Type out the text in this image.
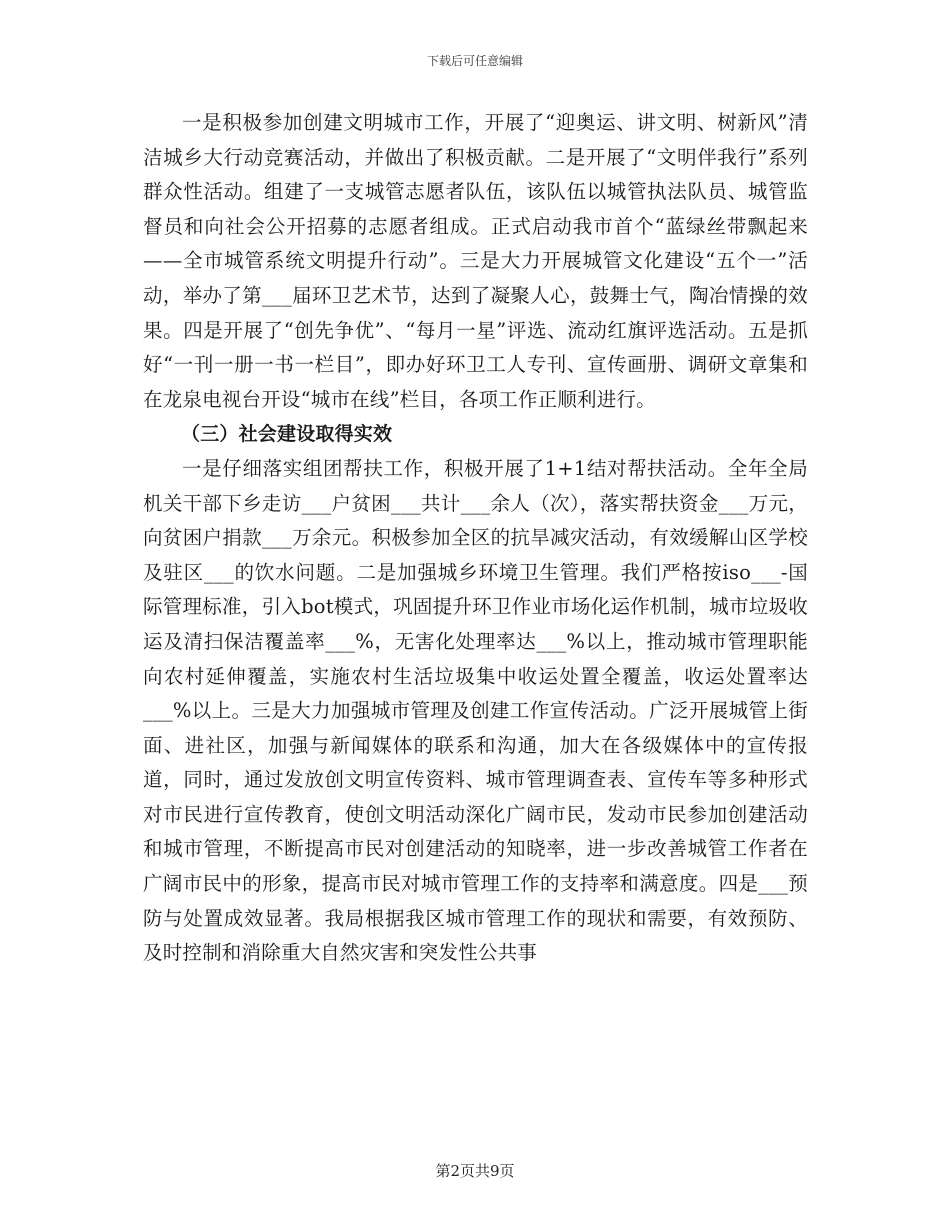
下载后可任意编辑

一是积极参加创建文明城市工作，开展了“迎奥运、讲文明、树新风”清洁城乡大行动竞赛活动，并做出了积极贡献。二是开展了“文明伴我行”系列群众性活动。组建了一支城管志愿者队伍，该队伍以城管执法队员、城管监督员和向社会公开招募的志愿者组成。正式启动我市首个“蓝绿丝带飘起来——全市城管系统文明提升行动”。三是大力开展城管文化建设“五个一”活动，举办了第___届环卫艺术节，达到了凝聚人心，鼓舞士气，陶冶情操的效果。四是开展了“创先争优”、“每月一星”评选、流动红旗评选活动。五是抓好“一刊一册一书一栏目”，即办好环卫工人专刊、宣传画册、调研文章集和在龙泉电视台开设“城市在线”栏目，各项工作正顺利进行。

（三）社会建设取得实效

一是仔细落实组团帮扶工作，积极开展了1+1结对帮扶活动。全年全局机关干部下乡走访___户贫困___共计___余人（次），落实帮扶资金___万元，向贫困户捐款___万余元。积极参加全区的抗旱减灾活动，有效缓解山区学校及驻区___的饮水问题。二是加强城乡环境卫生管理。我们严格按iso___-国际管理标准，引入bot模式，巩固提升环卫作业市场化运作机制，城市垃圾收运及清扫保洁覆盖率___%，无害化处理率达___%以上，推动城市管理职能向农村延伸覆盖，实施农村生活垃圾集中收运处置全覆盖，收运处置率达___%以上。三是大力加强城市管理及创建工作宣传活动。广泛开展城管上街面、进社区，加强与新闻媒体的联系和沟通，加大在各级媒体中的宣传报道，同时，通过发放创文明宣传资料、城市管理调查表、宣传车等多种形式对市民进行宣传教育，使创文明活动深化广阔市民，发动市民参加创建活动和城市管理，不断提高市民对创建活动的知晓率，进一步改善城管工作者在广阔市民中的形象，提高市民对城市管理工作的支持率和满意度。四是___预防与处置成效显著。我局根据我区城市管理工作的现状和需要，有效预防、及时控制和消除重大自然灾害和突发性公共事

第2页共9页
